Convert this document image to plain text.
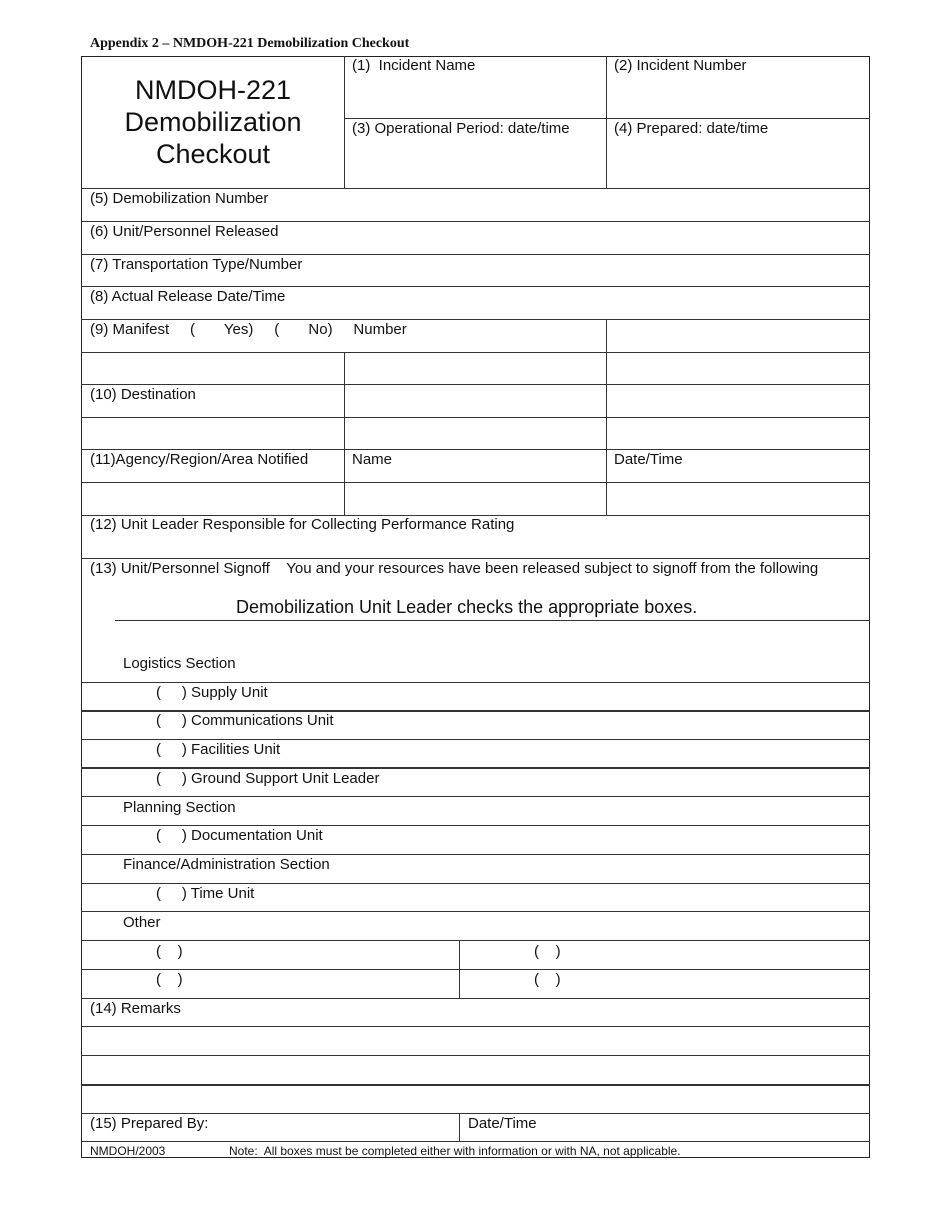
Appendix 2 – NMDOH-221 Demobilization Checkout
NMDOH-221
Demobilization
Checkout
(1)  Incident Name	(2) Incident Number
(3) Operational Period: date/time	(4) Prepared: date/time
(5) Demobilization Number
(6) Unit/Personnel Released
(7) Transportation Type/Number
(8) Actual Release Date/Time
(9) Manifest     (       Yes)     (       No)     Number
(10) Destination
(11)Agency/Region/Area Notified	Name	Date/Time
(12) Unit Leader Responsible for Collecting Performance Rating
(13) Unit/Personnel Signoff    You and your resources have been released subject to signoff from the following
Demobilization Unit Leader checks the appropriate boxes.
Logistics Section
(     ) Supply Unit
(     ) Communications Unit
(     ) Facilities Unit
(     ) Ground Support Unit Leader
Planning Section
(     ) Documentation Unit
Finance/Administration Section
(     ) Time Unit
Other
(    )	(    )
(    )	(    )
(14) Remarks
(15) Prepared By:	Date/Time
NMDOH/2003	Note:  All boxes must be completed either with information or with NA, not applicable.
